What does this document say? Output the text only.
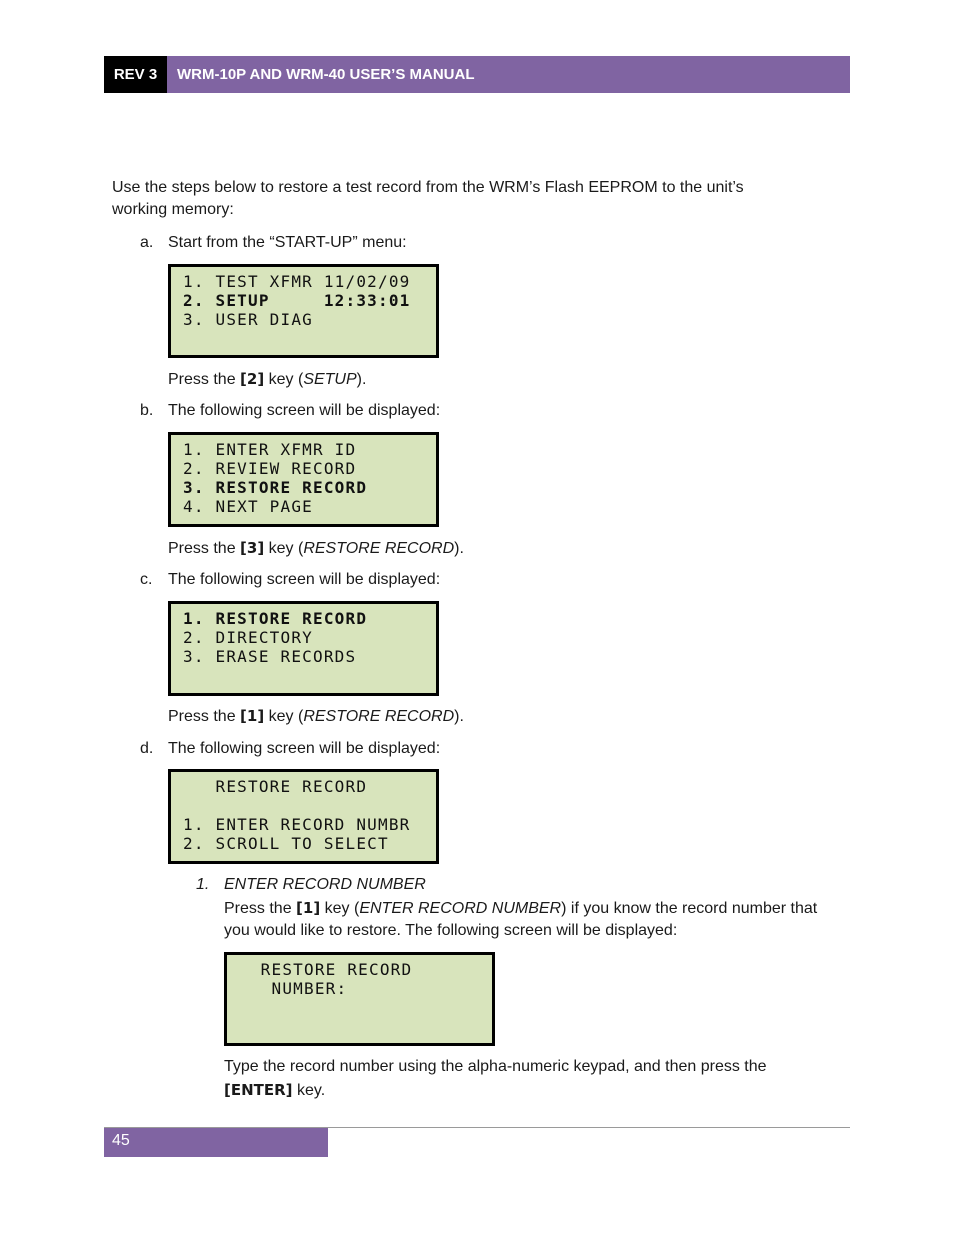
REV 3 WRM-10P AND WRM-40 USER’S MANUAL
Use the steps below to restore a test record from the WRM’s Flash EEPROM to the unit’s
working memory:
a. Start from the “START-UP” menu:
1. TEST XFMR 11/02/09
2. SETUP     12:33:01
3. USER DIAG
Press the [2] key (SETUP).
b. The following screen will be displayed:
1. ENTER XFMR ID
2. REVIEW RECORD
3. RESTORE RECORD
4. NEXT PAGE
Press the [3] key (RESTORE RECORD).
c. The following screen will be displayed:
1. RESTORE RECORD
2. DIRECTORY
3. ERASE RECORDS
Press the [1] key (RESTORE RECORD).
d. The following screen will be displayed:
RESTORE RECORD
1. ENTER RECORD NUMBR
2. SCROLL TO SELECT
1. ENTER RECORD NUMBER
Press the [1] key (ENTER RECORD NUMBER) if you know the record number that
you would like to restore. The following screen will be displayed:
RESTORE RECORD
NUMBER:
Type the record number using the alpha-numeric keypad, and then press the
[ENTER] key.
45
